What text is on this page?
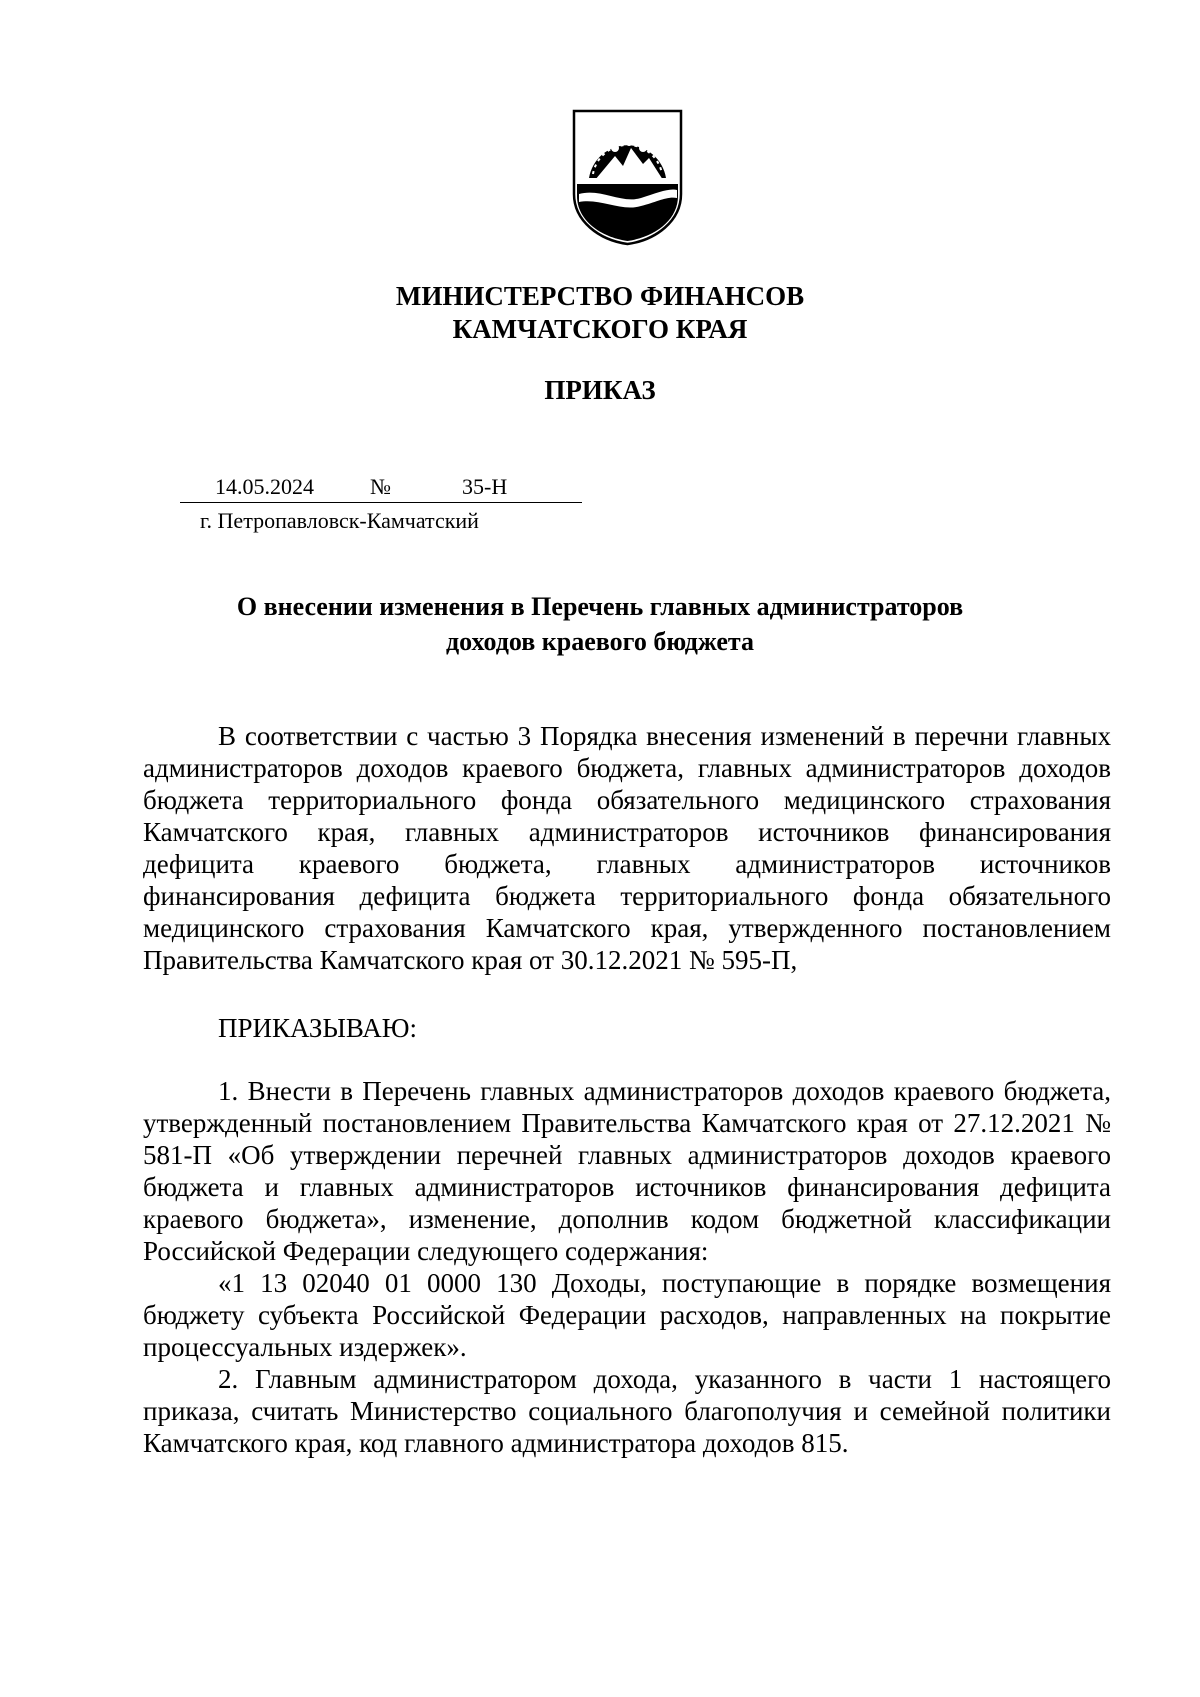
МИНИСТЕРСТВО ФИНАНСОВ
КАМЧАТСКОГО КРАЯ
ПРИКАЗ
14.05.2024	№	35-Н
г. Петропавловск-Камчатский
О внесении изменения в Перечень главных администраторов
доходов краевого бюджета

В соответствии с частью 3 Порядка внесения изменений в перечни главных администраторов доходов краевого бюджета, главных администраторов доходов бюджета территориального фонда обязательного медицинского страхования Камчатского края, главных администраторов источников финансирования дефицита краевого бюджета, главных администраторов источников финансирования дефицита бюджета территориального фонда обязательного медицинского страхования Камчатского края, утвержденного постановлением Правительства Камчатского края от 30.12.2021 № 595-П,

ПРИКАЗЫВАЮ:

1. Внести в Перечень главных администраторов доходов краевого бюджета, утвержденный постановлением Правительства Камчатского края от 27.12.2021 № 581-П «Об утверждении перечней главных администраторов доходов краевого бюджета и главных администраторов источников финансирования дефицита краевого бюджета», изменение, дополнив кодом бюджетной классификации Российской Федерации следующего содержания:

«1 13 02040 01 0000 130 Доходы, поступающие в порядке возмещения бюджету субъекта Российской Федерации расходов, направленных на покрытие процессуальных издержек».

2. Главным администратором дохода, указанного в части 1 настоящего приказа, считать Министерство социального благополучия и семейной политики Камчатского края, код главного администратора доходов 815.
